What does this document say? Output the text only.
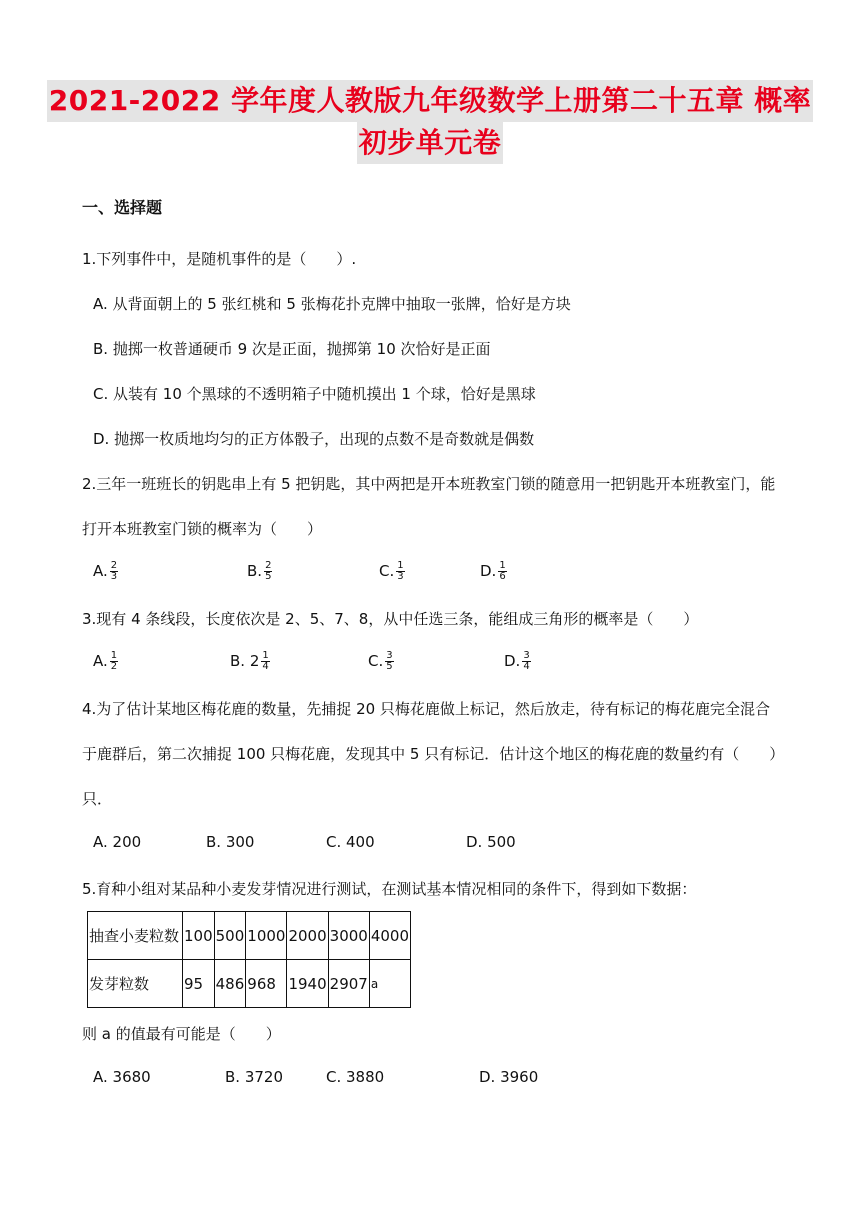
2021-2022 学年度人教版九年级数学上册第二十五章 概率
初步单元卷
一、选择题
1.下列事件中，是随机事件的是（　　）.
A. 从背面朝上的 5 张红桃和 5 张梅花扑克牌中抽取一张牌，恰好是方块
B. 抛掷一枚普通硬币 9 次是正面，抛掷第 10 次恰好是正面
C. 从装有 10 个黑球的不透明箱子中随机摸出 1 个球，恰好是黑球
D. 抛掷一枚质地均匀的正方体骰子，出现的点数不是奇数就是偶数
2.三年一班班长的钥匙串上有 5 把钥匙，其中两把是开本班教室门锁的随意用一把钥匙开本班教室门，能
打开本班教室门锁的概率为（　　）
A. $\frac{2}{3}$	B. $\frac{2}{5}$	C. $\frac{1}{3}$	D. $\frac{1}{6}$
3.现有 4 条线段，长度依次是 2、5、7、8，从中任选三条，能组成三角形的概率是（　　）
A. $\frac{1}{2}$	B. $2 \frac{1}{4}$	C. $\frac{3}{5}$	D. $\frac{3}{4}$
4.为了估计某地区梅花鹿的数量，先捕捉 20 只梅花鹿做上标记，然后放走，待有标记的梅花鹿完全混合
于鹿群后，第二次捕捉 100 只梅花鹿，发现其中 5 只有标记．估计这个地区的梅花鹿的数量约有（　　）
只．
A. 200	B. 300	C. 400	D. 500
5.育种小组对某品种小麦发芽情况进行测试，在测试基本情况相同的条件下，得到如下数据：
抽查小麦粒数	100	500	1000	2000	3000	4000
发芽粒数	95	486	968	1940	2907	a
则 a 的值最有可能是（　　）
A. 3680	B. 3720	C. 3880	D. 3960
